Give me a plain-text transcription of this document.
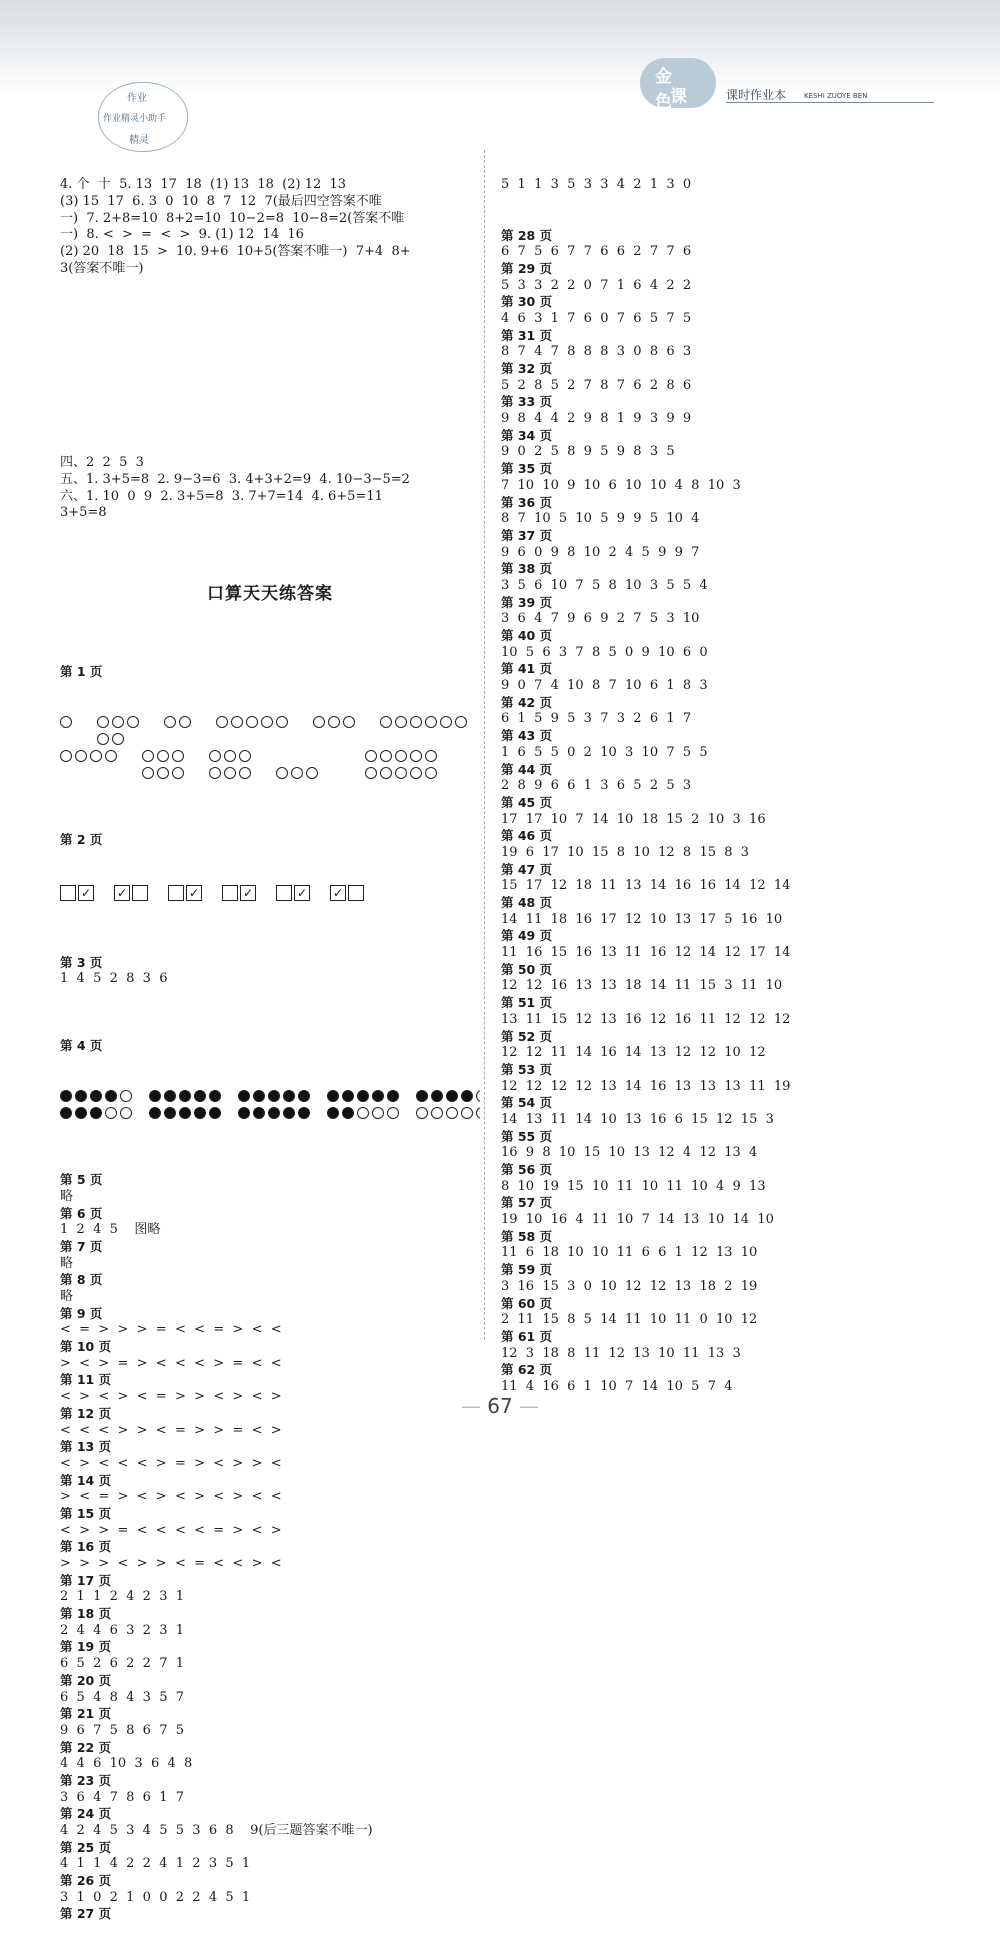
作业
作业精灵小助手
精灵
金色
课堂
课时作业本	KESHI ZUOYE BEN

4. 个  十  5. 13  17  18  (1) 13  18  (2) 12  13
(3) 15  17  6. 3  0  10  8  7  12  7(最后四空答案不唯
一)  7. 2+8=10  8+2=10  10−2=8  10−8=2(答案不唯
一)  8. <  >  =  <  >  9. (1) 12  14  16
(2) 20  18  15  >  10. 9+6  10+5(答案不唯一)  7+4  8+
3(答案不唯一)

四、2  2  5  3
五、1. 3+5=8  2. 9−3=6  3. 4+3+2=9  4. 10−3−5=2
六、1. 10  0  9  2. 3+5=8  3. 7+7=14  4. 6+5=11
3+5=8

口算天天练答案

第 1 页

第 2 页

✓ ✓	✓	✓	✓ ✓

第 3 页
1  4  5  2  8  3  6

第 4 页

第 5 页
略
第 6 页
1  2  4  5    图略
第 7 页
略
第 8 页
略
第 9 页
<  =  >  >  >  =  <  <  =  >  <  <
第 10 页
>  <  >  =  >  <  <  <  >  =  <  <
第 11 页
<  >  <  >  <  =  >  >  <  >  <  >
第 12 页
<  <  <  >  >  <  =  >  >  =  <  >
第 13 页
<  >  <  <  <  >  =  >  <  >  >  <
第 14 页
>  <  =  >  <  >  <  >  <  >  <  <
第 15 页
<  >  >  =  <  <  <  <  =  >  <  >
第 16 页
>  >  >  <  >  >  <  =  <  <  >  <
第 17 页
2  1  1  2  4  2  3  1
第 18 页
2  4  4  6  3  2  3  1
第 19 页
6  5  2  6  2  2  7  1
第 20 页
6  5  4  8  4  3  5  7
第 21 页
9  6  7  5  8  6  7  5
第 22 页
4  4  6  10  3  6  4  8
第 23 页
3  6  4  7  8  6  1  7
第 24 页
4  2  4  5  3  4  5  5  3  6  8    9(后三题答案不唯一)
第 25 页
4  1  1  4  2  2  4  1  2  3  5  1
第 26 页
3  1  0  2  1  0  0  2  2  4  5  1
第 27 页

5  1  1  3  5  3  3  4  2  1  3  0

第 28 页
6  7  5  6  7  7  6  6  2  7  7  6
第 29 页
5  3  3  2  2  0  7  1  6  4  2  2
第 30 页
4  6  3  1  7  6  0  7  6  5  7  5
第 31 页
8  7  4  7  8  8  8  3  0  8  6  3
第 32 页
5  2  8  5  2  7  8  7  6  2  8  6
第 33 页
9  8  4  4  2  9  8  1  9  3  9  9
第 34 页
9  0  2  5  8  9  5  9  8  3  5
第 35 页
7  10  10  9  10  6  10  10  4  8  10  3
第 36 页
8  7  10  5  10  5  9  9  5  10  4
第 37 页
9  6  0  9  8  10  2  4  5  9  9  7
第 38 页
3  5  6  10  7  5  8  10  3  5  5  4
第 39 页
3  6  4  7  9  6  9  2  7  5  3  10
第 40 页
10  5  6  3  7  8  5  0  9  10  6  0
第 41 页
9  0  7  4  10  8  7  10  6  1  8  3
第 42 页
6  1  5  9  5  3  7  3  2  6  1  7
第 43 页
1  6  5  5  0  2  10  3  10  7  5  5
第 44 页
2  8  9  6  6  1  3  6  5  2  5  3
第 45 页
17  17  10  7  14  10  18  15  2  10  3  16
第 46 页
19  6  17  10  15  8  10  12  8  15  8  3
第 47 页
15  17  12  18  11  13  14  16  16  14  12  14
第 48 页
14  11  18  16  17  12  10  13  17  5  16  10
第 49 页
11  16  15  16  13  11  16  12  14  12  17  14
第 50 页
12  12  16  13  13  18  14  11  15  3  11  10
第 51 页
13  11  15  12  13  16  12  16  11  12  12  12
第 52 页
12  12  11  14  16  14  13  12  12  10  12
第 53 页
12  12  12  12  13  14  16  13  13  13  11  19
第 54 页
14  13  11  14  10  13  16  6  15  12  15  3
第 55 页
16  9  8  10  15  10  13  12  4  12  13  4
第 56 页
8  10  19  15  10  11  10  11  10  4  9  13
第 57 页
19  10  16  4  11  10  7  14  13  10  14  10
第 58 页
11  6  18  10  10  11  6  6  1  12  13  10
第 59 页
3  16  15  3  0  10  12  12  13  18  2  19
第 60 页
2  11  15  8  5  14  11  10  11  0  10  12
第 61 页
12  3  18  8  11  12  13  10  11  13  3
第 62 页
11  4  16  6  1  10  7  14  10  5  7  4

— 67 —
